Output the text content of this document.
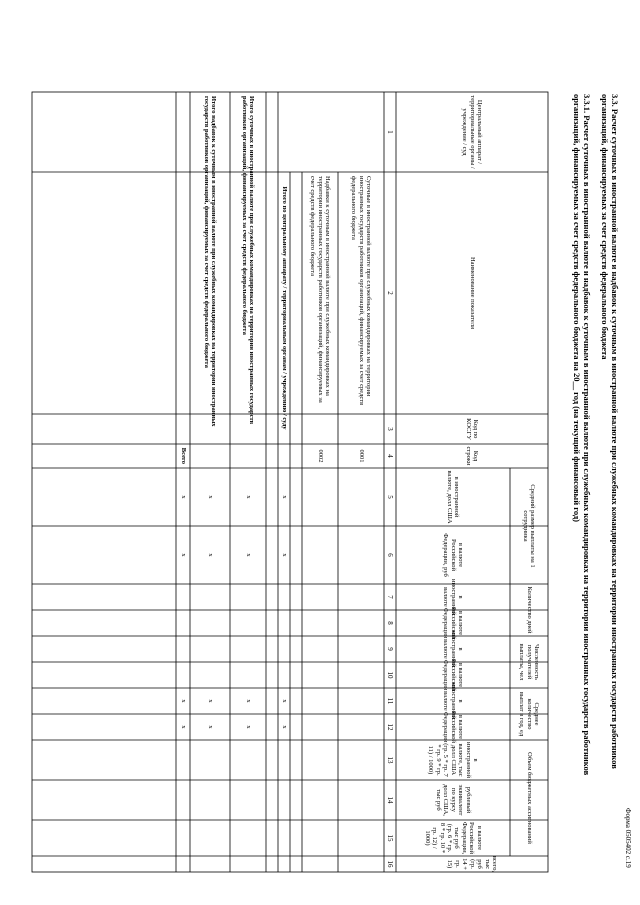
Форма 0505402 с.19
3.3. Расчет суточных в иностранной валюте и надбавок к суточным в иностранной валюте при служебных командировках на территории иностранных государств работников организаций, финансируемых за счет средств федерального бюджета
3.3.1. Расчет суточных в иностранной валюте и надбавок к суточным в иностранной валюте при служебных командировках на территории иностранных государств работников организаций, финансируемых за счет средств федерального бюджета на 20__ год (на текущий финансовый год)
Центральный аппарат / территориальные органы / учреждение / суд
Наименование показателя
Код по КОСГУ
Код строки
Средний размер выплаты на 1 сотрудника
Количество дней
Численность получателей выплаты, чел
Среднее количество выплат в год, ед
Объем бюджетных ассигнований
в иностранной валюте, долл США
в валюте Российской Федерации, руб
в иностранной валюте
в валюте Российской Федерации
в иностранной валюте
в валюте Российской Федерации
в иностранной валюте
в валюте Российской Федерации
в иностранной валюте, тыс долл США (гр. 5 * гр. 7 * гр. 9 * гр. 11) / 1000)
рублевый эквивалент по курсу долл США, тыс руб
в валюте Российской Федерации, тыс руб (гр. 6 * гр. 8 * гр. 10 * гр. 12) / 1000)
всего, тыс руб (гр. 14 + гр. 15)
1
2
3
4
5
6
7
8
9
10
11
12
13
14
15
16
Суточные в иностранной валюте при служебных командировках на территории иностранных государств работников организаций, финансируемых за счет средств федерального бюджета
0001
Надбавки к суточным в иностранной валюте при служебных командировках на территории иностранных государств работников организаций, финансируемых за счет средств федерального бюджета
0002
Итого по центральному аппарату / территориальным органам / учреждению / суду
Итого суточных в иностранной валюте при служебных командировках на территории иностранных государств работников организаций, финансируемых за счет средств федерального бюджета
Итого надбавок к суточным в иностранной валюте при служебных командировках на территории иностранных государств работников организаций, финансируемых за счет средств федерального бюджета
Всего
x
x
x
x
x
x
x
x
x
x
x
x
x
x
x
x
